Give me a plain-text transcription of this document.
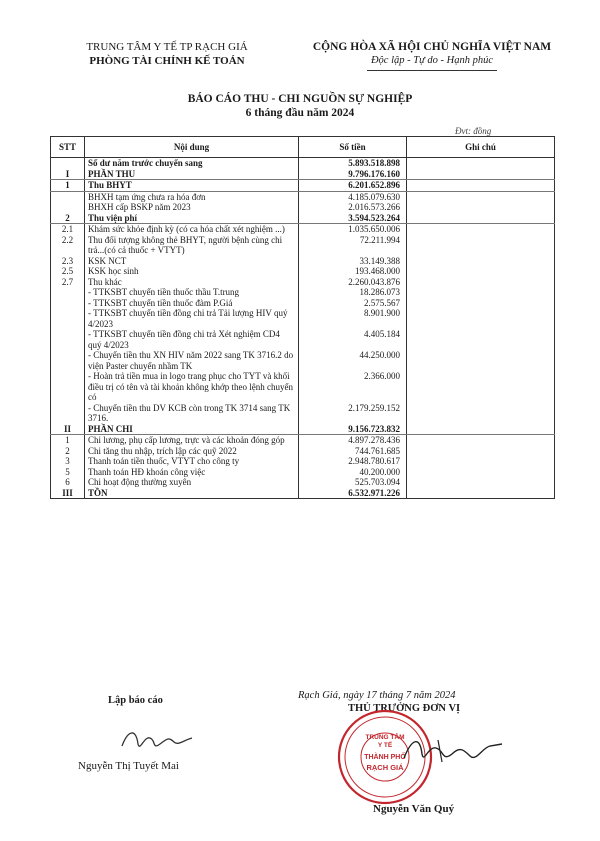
TRUNG TÂM Y TẾ TP RẠCH GIÁ
PHÒNG TÀI CHÍNH KẾ TOÁN
CỘNG HÒA XÃ HỘI CHỦ NGHĨA VIỆT NAM
Độc lập - Tự do - Hạnh phúc
BÁO CÁO THU - CHI NGUỒN SỰ NGHIỆP
6 tháng đầu năm 2024
Đvt: đồng
STT	Nội dung	Số tiền	Ghi chú
	Số dư năm trước chuyển sang	5.893.518.898	
I	PHẦN THU	9.796.176.160	
1	Thu BHYT	6.201.652.896	
	BHXH tạm ứng chưa ra hóa đơn	4.185.079.630	
	BHXH cấp BSKP năm 2023	2.016.573.266	
2	Thu viện phí	3.594.523.264	
2.1	Khám sức khỏe định kỳ (có ca hóa chất xét nghiệm ...)	1.035.650.006	
2.2	Thu đối tượng không thẻ BHYT, người bệnh cùng chi trả...(có cả thuốc + VTYT)	72.211.994	
2.3	KSK NCT	33.149.388	
2.5	KSK học sinh	193.468.000	
2.7	Thu khác	2.260.043.876	
	- TTKSBT chuyển tiền thuốc thầu T.trung	18.286.073	
	- TTKSBT chuyển tiền thuốc đàm P.Giá	2.575.567	
	- TTKSBT chuyển tiền đồng chi trả Tải lượng HIV quý 4/2023	8.901.900	
	- TTKSBT chuyển tiền đồng chi trả Xét nghiệm CD4 quý 4/2023	4.405.184	
	- Chuyển tiền thu XN HIV năm 2022 sang TK 3716.2 do viện Paster chuyển nhầm TK	44.250.000	
	- Hoàn trả tiền mua in logo trang phục cho TYT và khối điều trị có tên và tài khoản không khớp theo lệnh chuyển có	2.366.000	
	- Chuyển tiền thu DV KCB còn trong TK 3714 sang TK 3716.	2.179.259.152	
II	PHẦN CHI	9.156.723.832	
1	Chi lương, phụ cấp lương, trực và các khoản đóng góp	4.897.278.436	
2	Chi tăng thu nhập, trích lập các quỹ 2022	744.761.685	
3	Thanh toán tiền thuốc, VTYT cho công ty	2.948.780.617	
5	Thanh toán HĐ khoán công việc	40.200.000	
6	Chi hoạt động thường xuyên	525.703.094	
III	TỒN	6.532.971.226	
Rạch Giá, ngày 17 tháng 7 năm 2024
Lập báo cáo
THỦ TRƯỞNG ĐƠN VỊ
TRUNG TÂM
Y TẾ
THÀNH PHỐ
RẠCH GIÁ
Nguyễn Thị Tuyết Mai
Nguyễn Văn Quý
